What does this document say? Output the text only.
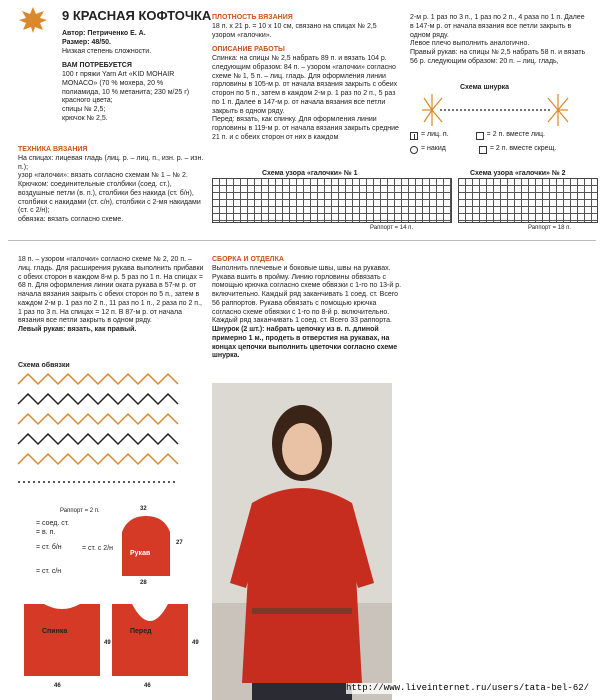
9 КРАСНАЯ КОФТОЧКА
Автор: Петриченко Е. А.
Размер: 48/50.
Низкая степень сложности.
ВАМ ПОТРЕБУЕТСЯ
100 г пряжи Yarn Art «KID MOHAIR MONACO» (70 % мохера, 20 % полиамида, 10 % метанита; 230 м/25 г) красного цвета;
спицы № 2,5;
крючок № 2,5.
ТЕХНИКА ВЯЗАНИЯ
На спицах: лицевая гладь (лиц. р. – лиц. п., изн. р. – изн. п.);
узор «галочки»: вязать согласно схемам № 1 – № 2.
Крючком: соединительные столбики (соед. ст.), воздушные петли (в. п.), столбики без накида (ст. б/н), столбики с накидами (ст. с/н), столбики с 2-мя накидами (ст. с 2/н);
обвязка: вязать согласно схеме.
ПЛОТНОСТЬ ВЯЗАНИЯ
18 п. х 21 р. = 10 х 10 см, связано на спицах № 2,5 узором «галочки».
ОПИСАНИЕ РАБОТЫ
Спинка: на спицы № 2,5 набрать 89 п. и вязать 104 р. следующим образом: 84 п. – узором «галочки» согласно схеме № 1, 5 п. – лиц. гладь. Для оформления линии горловины в 105-м р. от начала вязания закрыть с обеих сторон по 5 п., затем в каждом 2-м р. 1 раз по 2 п., 5 раз по 1 п. Далее в 147-м р. от начала вязания все петли закрыть в одном ряду.
Перед: вязать, как спинку. Для оформления линии горловины в 119-м р. от начала вязания закрыть средние 21 п. и с обеих сторон от них в каждом
2-м р. 1 раз по 3 п., 1 раз по 2 п., 4 раза по 1 п. Далее в 147-м р. от начала вязания все петли закрыть в одном ряду.
Левое плечо выполнить аналогично.
Правый рукав: на спицы № 2,5 набрать 58 п. и вязать 56 р. следующим образом: 20 п. – лиц. гладь,
Схема шнурка
= лиц. п.	= 2 п. вместе лиц.
= накид	= 2 п. вместе скрещ.
Схема узора «галочки» № 1
Раппорт = 14 п.
Схема узора «галочки» № 2
Раппорт = 18 п.
18 п. – узором «галочки» согласно схеме № 2, 20 п. – лиц. гладь. Для расширения рукава выполнить прибавки с обеих сторон в каждом 8-м р. 5 раз по 1 п. На спицах = 68 п. Для оформления линии оката рукава в 57-м р. от начала вязания закрыть с обеих сторон по 5 п., затем в каждом 2-м р. 1 раз по 2 п., 11 раз по 1 п., 2 раза по 2 п., 1 раз по 3 п. На спицах = 12 п. В 87-м р. от начала вязания все петли закрыть в одном ряду.
Левый рукав: вязать, как правый.
Схема обвязки
Раппорт = 2 п.
= соед. ст.
= в. п.
= ст. б/н
= ст. с/н
= ст. с 2/н
Рукав
32
28
27
Спинка
46
49
Перед
46
49
СБОРКА И ОТДЕЛКА
Выполнить плечевые и боковые швы, швы на рукавах. Рукава вшить в пройму. Линию горловины обвязать с помощью крючка согласно схеме обвязки с 1-го по 13-й р. включительно. Каждый ряд заканчивать 1 соед. ст. Всего 56 раппортов. Рукава обвязать с помощью крючка согласно схеме обвязки с 1-го по 8-й р. включительно. Каждый ряд заканчивать 1 соед. ст. Всего 33 раппорта.
Шнурок (2 шт.): набрать цепочку из в. п. длиной примерно 1 м., продеть в отверстия на рукавах, на концах цепочки выполнить цветочки согласно схеме шнурка.
http://www.liveinternet.ru/users/tata-bel-62/
